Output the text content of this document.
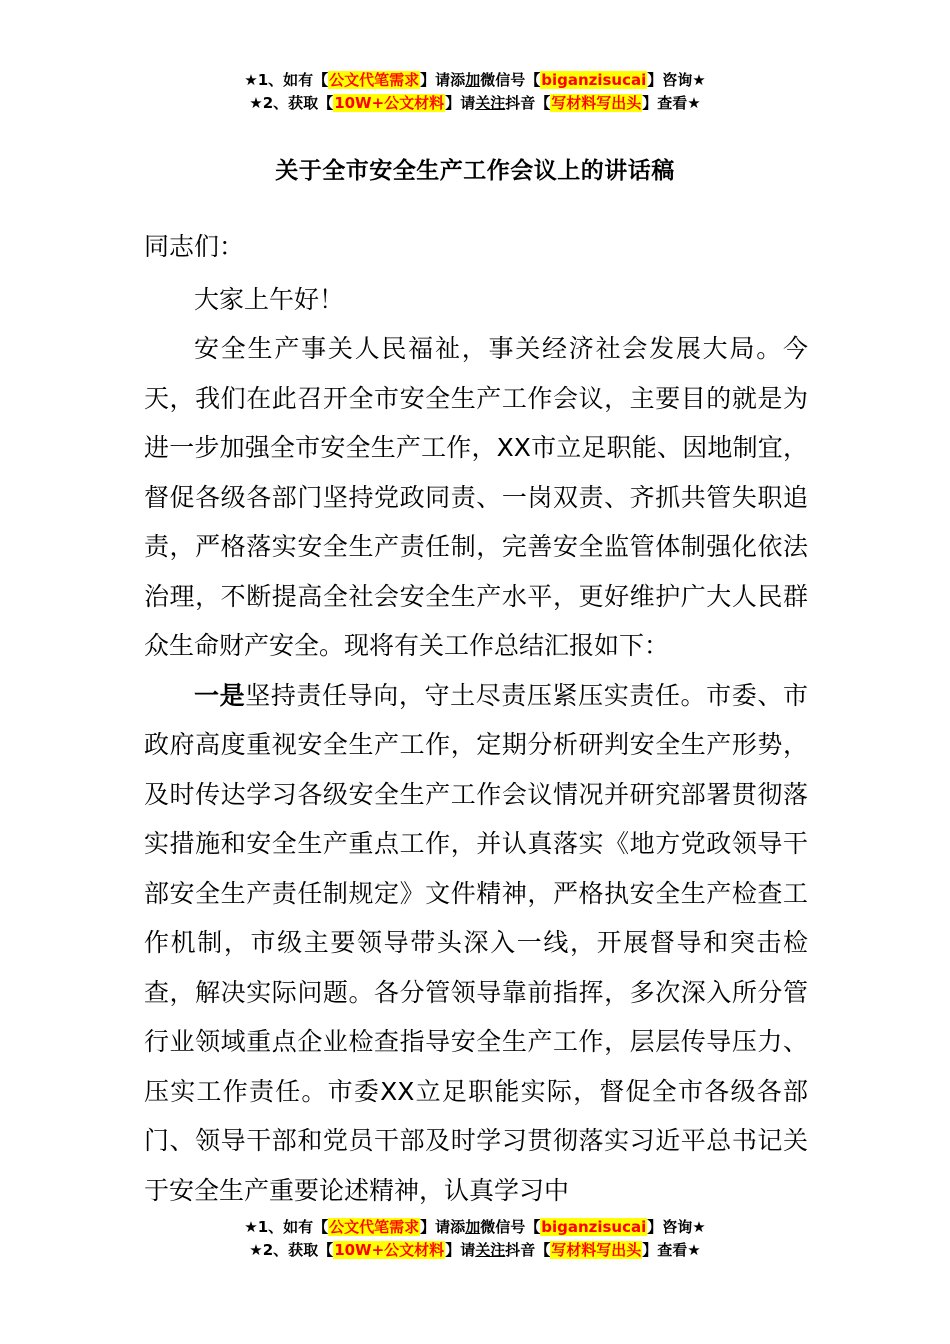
★1、如有【公文代笔需求】请添加微信号【biganzisucai】咨询★
★2、获取【10W+公文材料】请关注抖音【写材料写出头】查看★
关于全市安全生产工作会议上的讲话稿

同志们：

大家上午好！

安全生产事关人民福祉，事关经济社会发展大局。今天，我们在此召开全市安全生产工作会议，主要目的就是为进一步加强全市安全生产工作，XX市立足职能、因地制宜，督促各级各部门坚持党政同责、一岗双责、齐抓共管失职追责，严格落实安全生产责任制，完善安全监管体制强化依法治理，不断提高全社会安全生产水平，更好维护广大人民群众生命财产安全。现将有关工作总结汇报如下：

一是坚持责任导向，守土尽责压紧压实责任。市委、市政府高度重视安全生产工作，定期分析研判安全生产形势，及时传达学习各级安全生产工作会议情况并研究部署贯彻落实措施和安全生产重点工作，并认真落实《地方党政领导干部安全生产责任制规定》文件精神，严格执安全生产检查工作机制，市级主要领导带头深入一线，开展督导和突击检查，解决实际问题。各分管领导靠前指挥，多次深入所分管行业领域重点企业检查指导安全生产工作，层层传导压力、压实工作责任。市委XX立足职能实际，督促全市各级各部门、领导干部和党员干部及时学习贯彻落实习近平总书记关于安全生产重要论述精神，认真学习中

★1、如有【公文代笔需求】请添加微信号【biganzisucai】咨询★
★2、获取【10W+公文材料】请关注抖音【写材料写出头】查看★
